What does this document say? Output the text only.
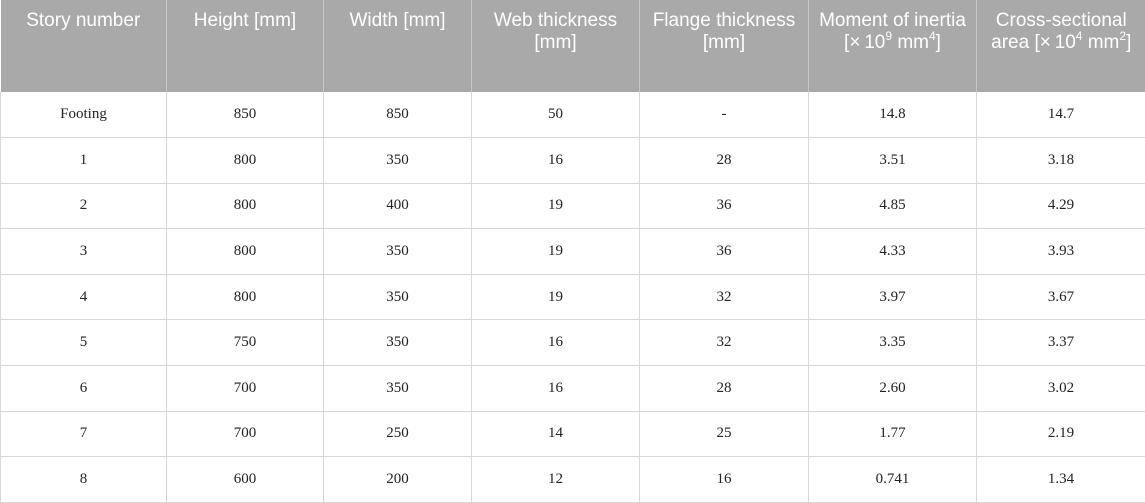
Story number	Height [mm]	Width [mm]	Web thickness [mm]	Flange thickness [mm]	Moment of inertia [× $10^9$ $mm^4$]	Cross-sectional area [× $10^4$ $mm^2$]

Footing	850	850	50	-	14.8	14.7
1	800	350	16	28	3.51	3.18
2	800	400	19	36	4.85	4.29
3	800	350	19	36	4.33	3.93
4	800	350	19	32	3.97	3.67
5	750	350	16	32	3.35	3.37
6	700	350	16	28	2.60	3.02
7	700	250	14	25	1.77	2.19
8	600	200	12	16	0.741	1.34
